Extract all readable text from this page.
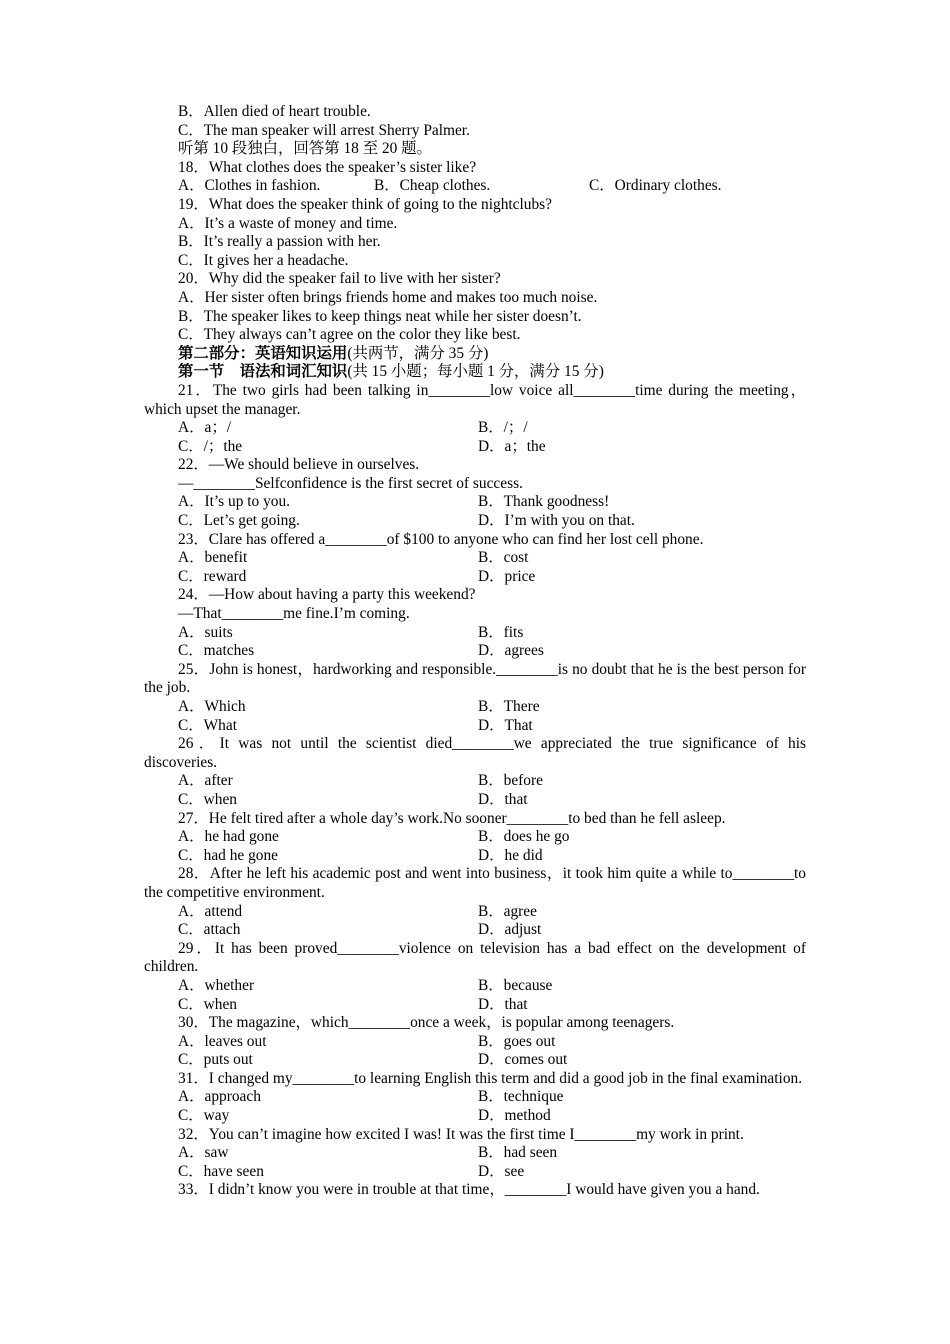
B．Allen died of heart trouble.
C．The man speaker will arrest Sherry Palmer.
听第 10 段独白，回答第 18 至 20 题。
18．What clothes does the speaker’s sister like?
A．Clothes in fashion.	B．Cheap clothes.	C．Ordinary clothes.
19．What does the speaker think of going to the nightclubs?
A．It’s a waste of money and time.
B．It’s really a passion with her.
C．It gives her a headache.
20．Why did the speaker fail to live with her sister?
A．Her sister often brings friends home and makes too much noise.
B．The speaker likes to keep things neat while her sister doesn’t.
C．They always can’t agree on the color they like best.
第二部分：英语知识运用(共两节，满分 35 分)
第一节　语法和词汇知识(共 15 小题；每小题 1 分，满分 15 分)

21．The two girls had been talking in________low voice all________time during the meeting，which upset the manager.

A．a；/	B．/；/
C．/；the	D．a；the
22．—We should believe in ourselves.
—________Selfconfidence is the first secret of success.
A．It’s up to you.	B．Thank goodness!
C．Let’s get going.	D．I’m with you on that.
23．Clare has offered a________of $100 to anyone who can find her lost cell phone.
A．benefit	B．cost
C．reward	D．price
24．—How about having a party this weekend?
—That________me fine.I’m coming.
A．suits	B．fits
C．matches	D．agrees

25．John is honest，hardworking and responsible.________is no doubt that he is the best person for the job.

A．Which	B．There
C．What	D．That

26．It was not until the scientist died________we appreciated the true significance of his discoveries.

A．after	B．before
C．when	D．that
27．He felt tired after a whole day’s work.No sooner________to bed than he fell asleep.
A．he had gone	B．does he go
C．had he gone	D．he did

28．After he left his academic post and went into business，it took him quite a while to________to the competitive environment.

A．attend	B．agree
C．attach	D．adjust

29．It has been proved________violence on television has a bad effect on the development of children.

A．whether	B．because
C．when	D．that
30．The magazine，which________once a week，is popular among teenagers.
A．leaves out	B．goes out
C．puts out	D．comes out

31．I changed my________to learning English this term and did a good job in the final examination.

A．approach	B．technique
C．way	D．method
32．You can’t imagine how excited I was! It was the first time I________my work in print.
A．saw	B．had seen
C．have seen	D．see

33．I didn’t know you were in trouble at that time，________I would have given you a hand.
